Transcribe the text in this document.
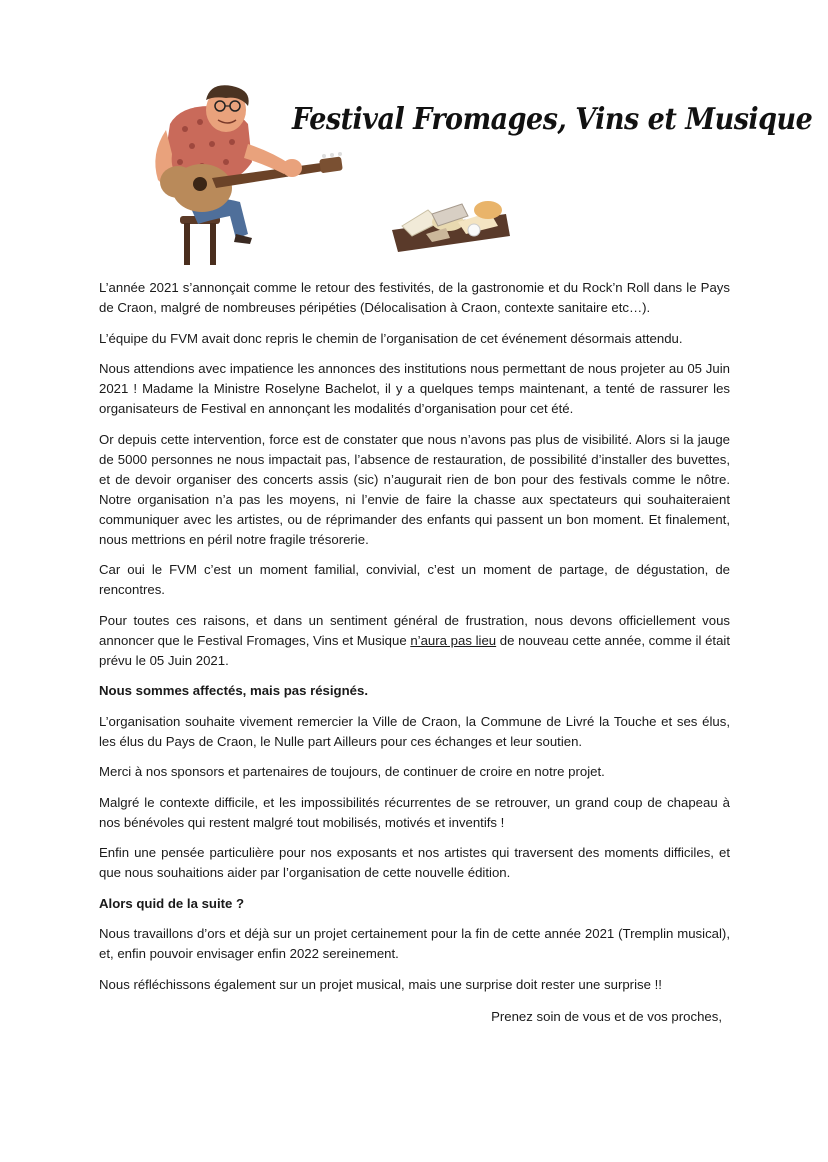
Festival Fromages, Vins et Musique

L’année 2021 s’annonçait comme le retour des festivités, de la gastronomie et du Rock’n Roll dans le Pays de Craon, malgré de nombreuses péripéties (Délocalisation à Craon, contexte sanitaire etc…).

L’équipe du FVM avait donc repris le chemin de l’organisation de cet événement désormais attendu.

Nous attendions avec impatience les annonces des institutions nous permettant de nous projeter au 05 Juin 2021 ! Madame la Ministre Roselyne Bachelot, il y a quelques temps maintenant, a tenté de rassurer les organisateurs de Festival en annonçant les modalités d’organisation pour cet été.

Or depuis cette intervention, force est de constater que nous n’avons pas plus de visibilité. Alors si la jauge de 5000 personnes ne nous impactait pas, l’absence de restauration, de possibilité d’installer des buvettes, et de devoir organiser des concerts assis (sic) n’augurait rien de bon pour des festivals comme le nôtre. Notre organisation n’a pas les moyens, ni l’envie de faire la chasse aux spectateurs qui souhaiteraient communiquer avec les artistes, ou de réprimander des enfants qui passent un bon moment. Et finalement, nous mettrions en péril notre fragile trésorerie.

Car oui le FVM c’est un moment familial, convivial, c’est un moment de partage, de dégustation, de rencontres.

Pour toutes ces raisons, et dans un sentiment général de frustration, nous devons officiellement vous annoncer que le Festival Fromages, Vins et Musique n’aura pas lieu de nouveau cette année, comme il était prévu le 05 Juin 2021.

Nous sommes affectés, mais pas résignés.

L’organisation souhaite vivement remercier la Ville de Craon, la Commune de Livré la Touche et ses élus, les élus du Pays de Craon, le Nulle part Ailleurs pour ces échanges et leur soutien.

Merci à nos sponsors et partenaires de toujours, de continuer de croire en notre projet.

Malgré le contexte difficile, et les impossibilités récurrentes de se retrouver, un grand coup de chapeau à nos bénévoles qui restent malgré tout mobilisés, motivés et inventifs !

Enfin une pensée particulière pour nos exposants et nos artistes qui traversent des moments difficiles, et que nous souhaitions aider par l’organisation de cette nouvelle édition.

Alors quid de la suite ?

Nous travaillons d’ors et déjà sur un projet certainement pour la fin de cette année 2021 (Tremplin musical), et, enfin pouvoir envisager enfin 2022 sereinement.

Nous réfléchissons également sur un projet musical, mais une surprise doit rester une surprise !!

Prenez soin de vous et de vos proches,
